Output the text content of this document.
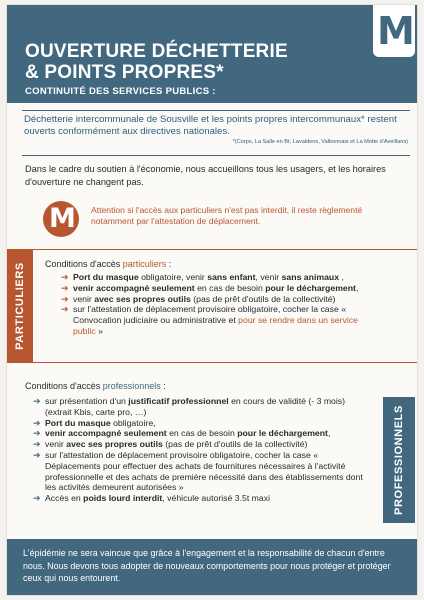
OUVERTURE DÉCHETTERIE
& POINTS PROPRES*
CONTINUITÉ DES SERVICES PUBLICS :
M
Déchetterie intercommunale de Sousville et les points propres intercommunaux* restent ouverts conformément aux directives nationales.
*(Corps, La Salle en Bt, Lavaldens, Valbonnais et La Motte d'Aveillans)
Dans le cadre du soutien à l'économie, nous accueillons tous les usagers, et les horaires d'ouverture ne changent pas.
M Attention si l'accès aux particuliers n'est pas interdit, il reste règlementé notamment par l'attestation de déplacement.
PARTICULIERS Conditions d'accès particuliers :
➔ Port du masque obligatoire, venir sans enfant, venir sans animaux ,
➔ venir accompagné seulement en cas de besoin pour le déchargement,
➔ venir avec ses propres outils (pas de prêt d'outils de la collectivité)
➔ sur l'attestation de déplacement provisoire obligatoire, cocher la case « Convocation judiciaire ou administrative et pour se rendre dans un service public »
Conditions d'accès professionnels :
➔ sur présentation d'un justificatif professionnel en cours de validité (- 3 mois) (extrait Kbis, carte pro, …)
➔ Port du masque obligatoire,
➔ venir accompagné seulement en cas de besoin pour le déchargement,
➔ venir avec ses propres outils (pas de prêt d'outils de la collectivité)
➔ sur l'attestation de déplacement provisoire obligatoire, cocher la case « Déplacements pour effectuer des achats de fournitures nécessaires à l'activité professionnelle et des achats de première nécessité dans des établissements dont les activités demeurent autorisées »
➔ Accès en poids lourd interdit, véhicule autorisé 3.5t maxi	PROFESSIONNELS
L'épidémie ne sera vaincue que grâce à l'engagement et la responsabilité de chacun d'entre nous. Nous devons tous adopter de nouveaux comportements pour nous protéger et protéger ceux qui nous entourent.
